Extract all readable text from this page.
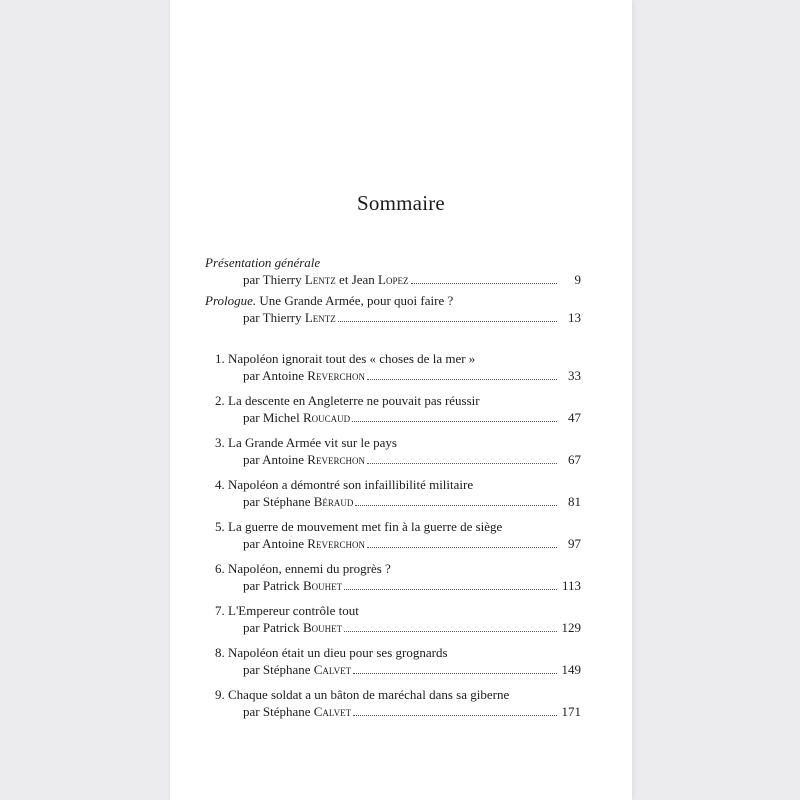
Sommaire
Présentation générale
par Thierry Lentz et Jean Lopez	9
Prologue. Une Grande Armée, pour quoi faire ?
par Thierry Lentz	13
1. Napoléon ignorait tout des « choses de la mer »
par Antoine Reverchon	33
2. La descente en Angleterre ne pouvait pas réussir
par Michel Roucaud	47
3. La Grande Armée vit sur le pays
par Antoine Reverchon	67
4. Napoléon a démontré son infaillibilité militaire
par Stéphane Béraud	81
5. La guerre de mouvement met fin à la guerre de siège
par Antoine Reverchon	97
6. Napoléon, ennemi du progrès ?
par Patrick Bouhet	113
7. L'Empereur contrôle tout
par Patrick Bouhet	129
8. Napoléon était un dieu pour ses grognards
par Stéphane Calvet	149
9. Chaque soldat a un bâton de maréchal dans sa giberne
par Stéphane Calvet	171
